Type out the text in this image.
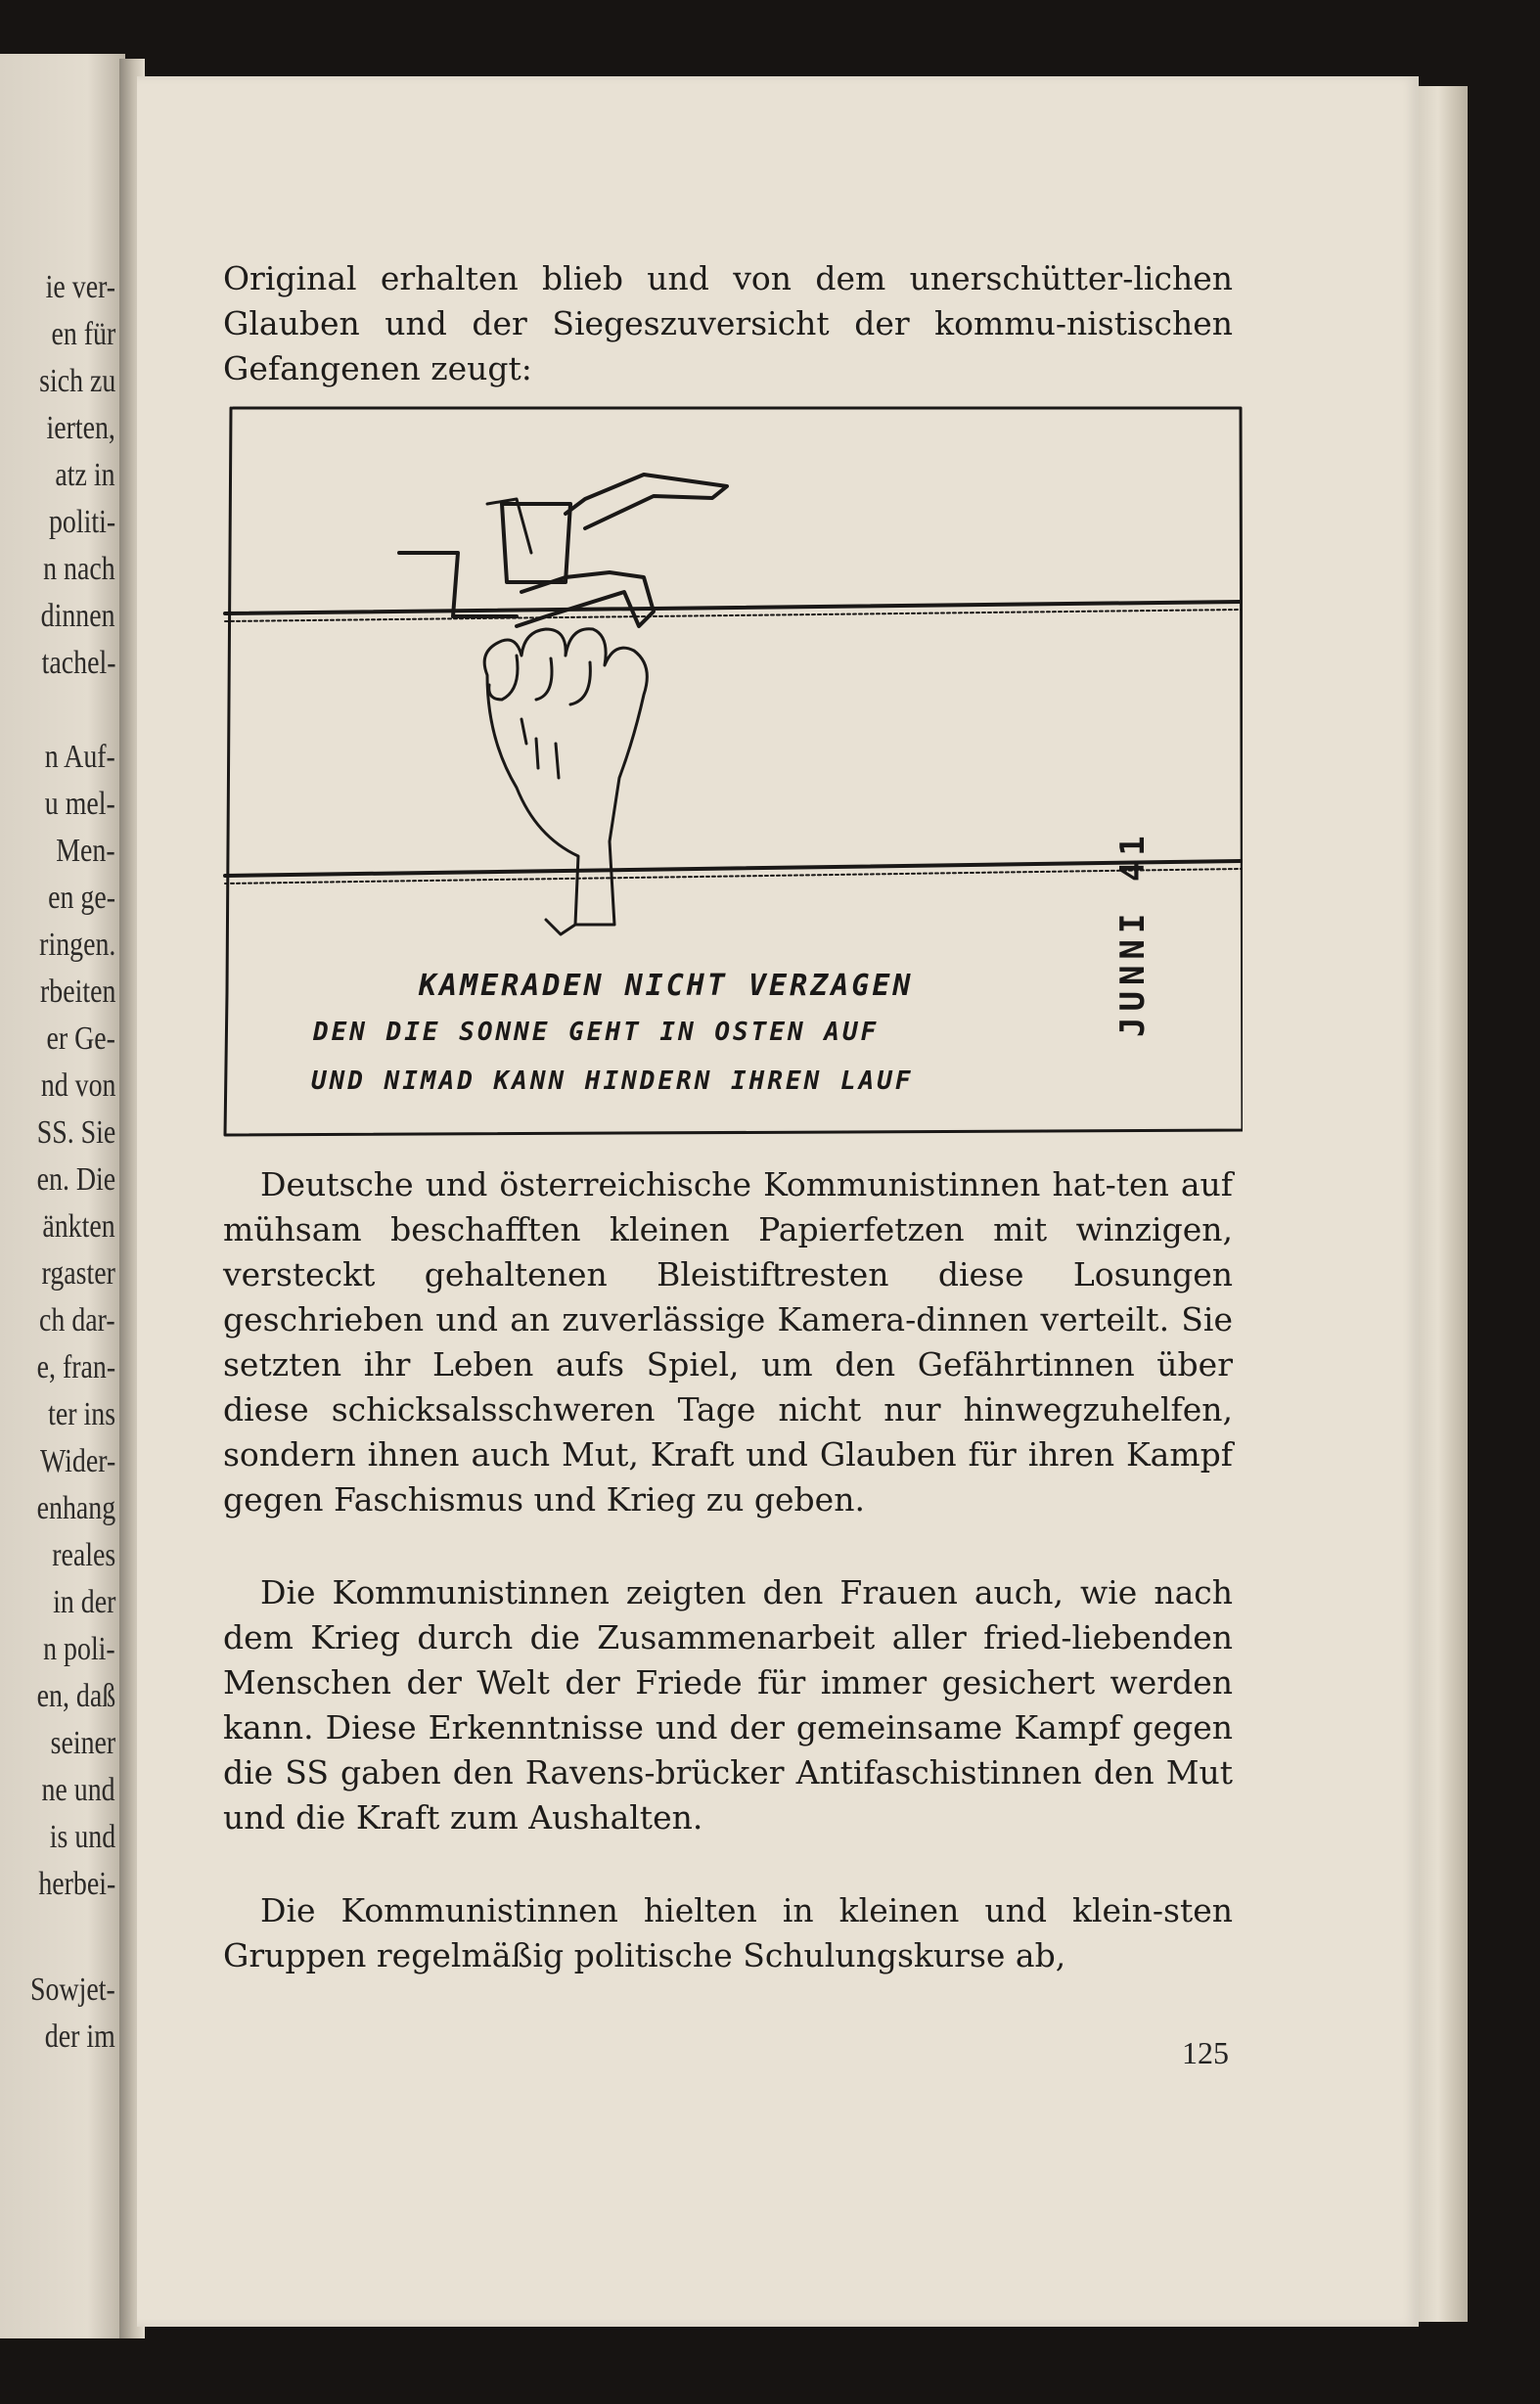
ie ver-
en für
sich zu
ierten,
atz in
politi-
n nach
dinnen
tachel-
n Auf-
u mel-
Men-
en ge-
ringen.
rbeiten
er Ge-
nd von
SS. Sie
en. Die
änkten
rgaster
ch dar-
e, fran-
ter ins
Wider-
enhang
reales
in der
n poli-
en, daß
seiner
ne und
is und
herbei-
Sowjet-
der im

Original erhalten blieb und von dem unerschütter-lichen Glauben und der Siegeszuversicht der kommu-nistischen Gefangenen zeugt:

KAMERADEN NICHT VERZAGEN
DEN DIE SONNE GEHT IN OSTEN AUF
UND NIMAD KANN HINDERN IHREN LAUF
JUNNI 41

Deutsche und österreichische Kommunistinnen hat-ten auf mühsam beschafften kleinen Papierfetzen mit winzigen, versteckt gehaltenen Bleistiftresten diese Losungen geschrieben und an zuverlässige Kamera-dinnen verteilt. Sie setzten ihr Leben aufs Spiel, um den Gefährtinnen über diese schicksalsschweren Tage nicht nur hinwegzuhelfen, sondern ihnen auch Mut, Kraft und Glauben für ihren Kampf gegen Faschismus und Krieg zu geben.

Die Kommunistinnen zeigten den Frauen auch, wie nach dem Krieg durch die Zusammenarbeit aller fried-liebenden Menschen der Welt der Friede für immer gesichert werden kann. Diese Erkenntnisse und der gemeinsame Kampf gegen die SS gaben den Ravens-brücker Antifaschistinnen den Mut und die Kraft zum Aushalten.

Die Kommunistinnen hielten in kleinen und klein-sten Gruppen regelmäßig politische Schulungskurse ab,

125
